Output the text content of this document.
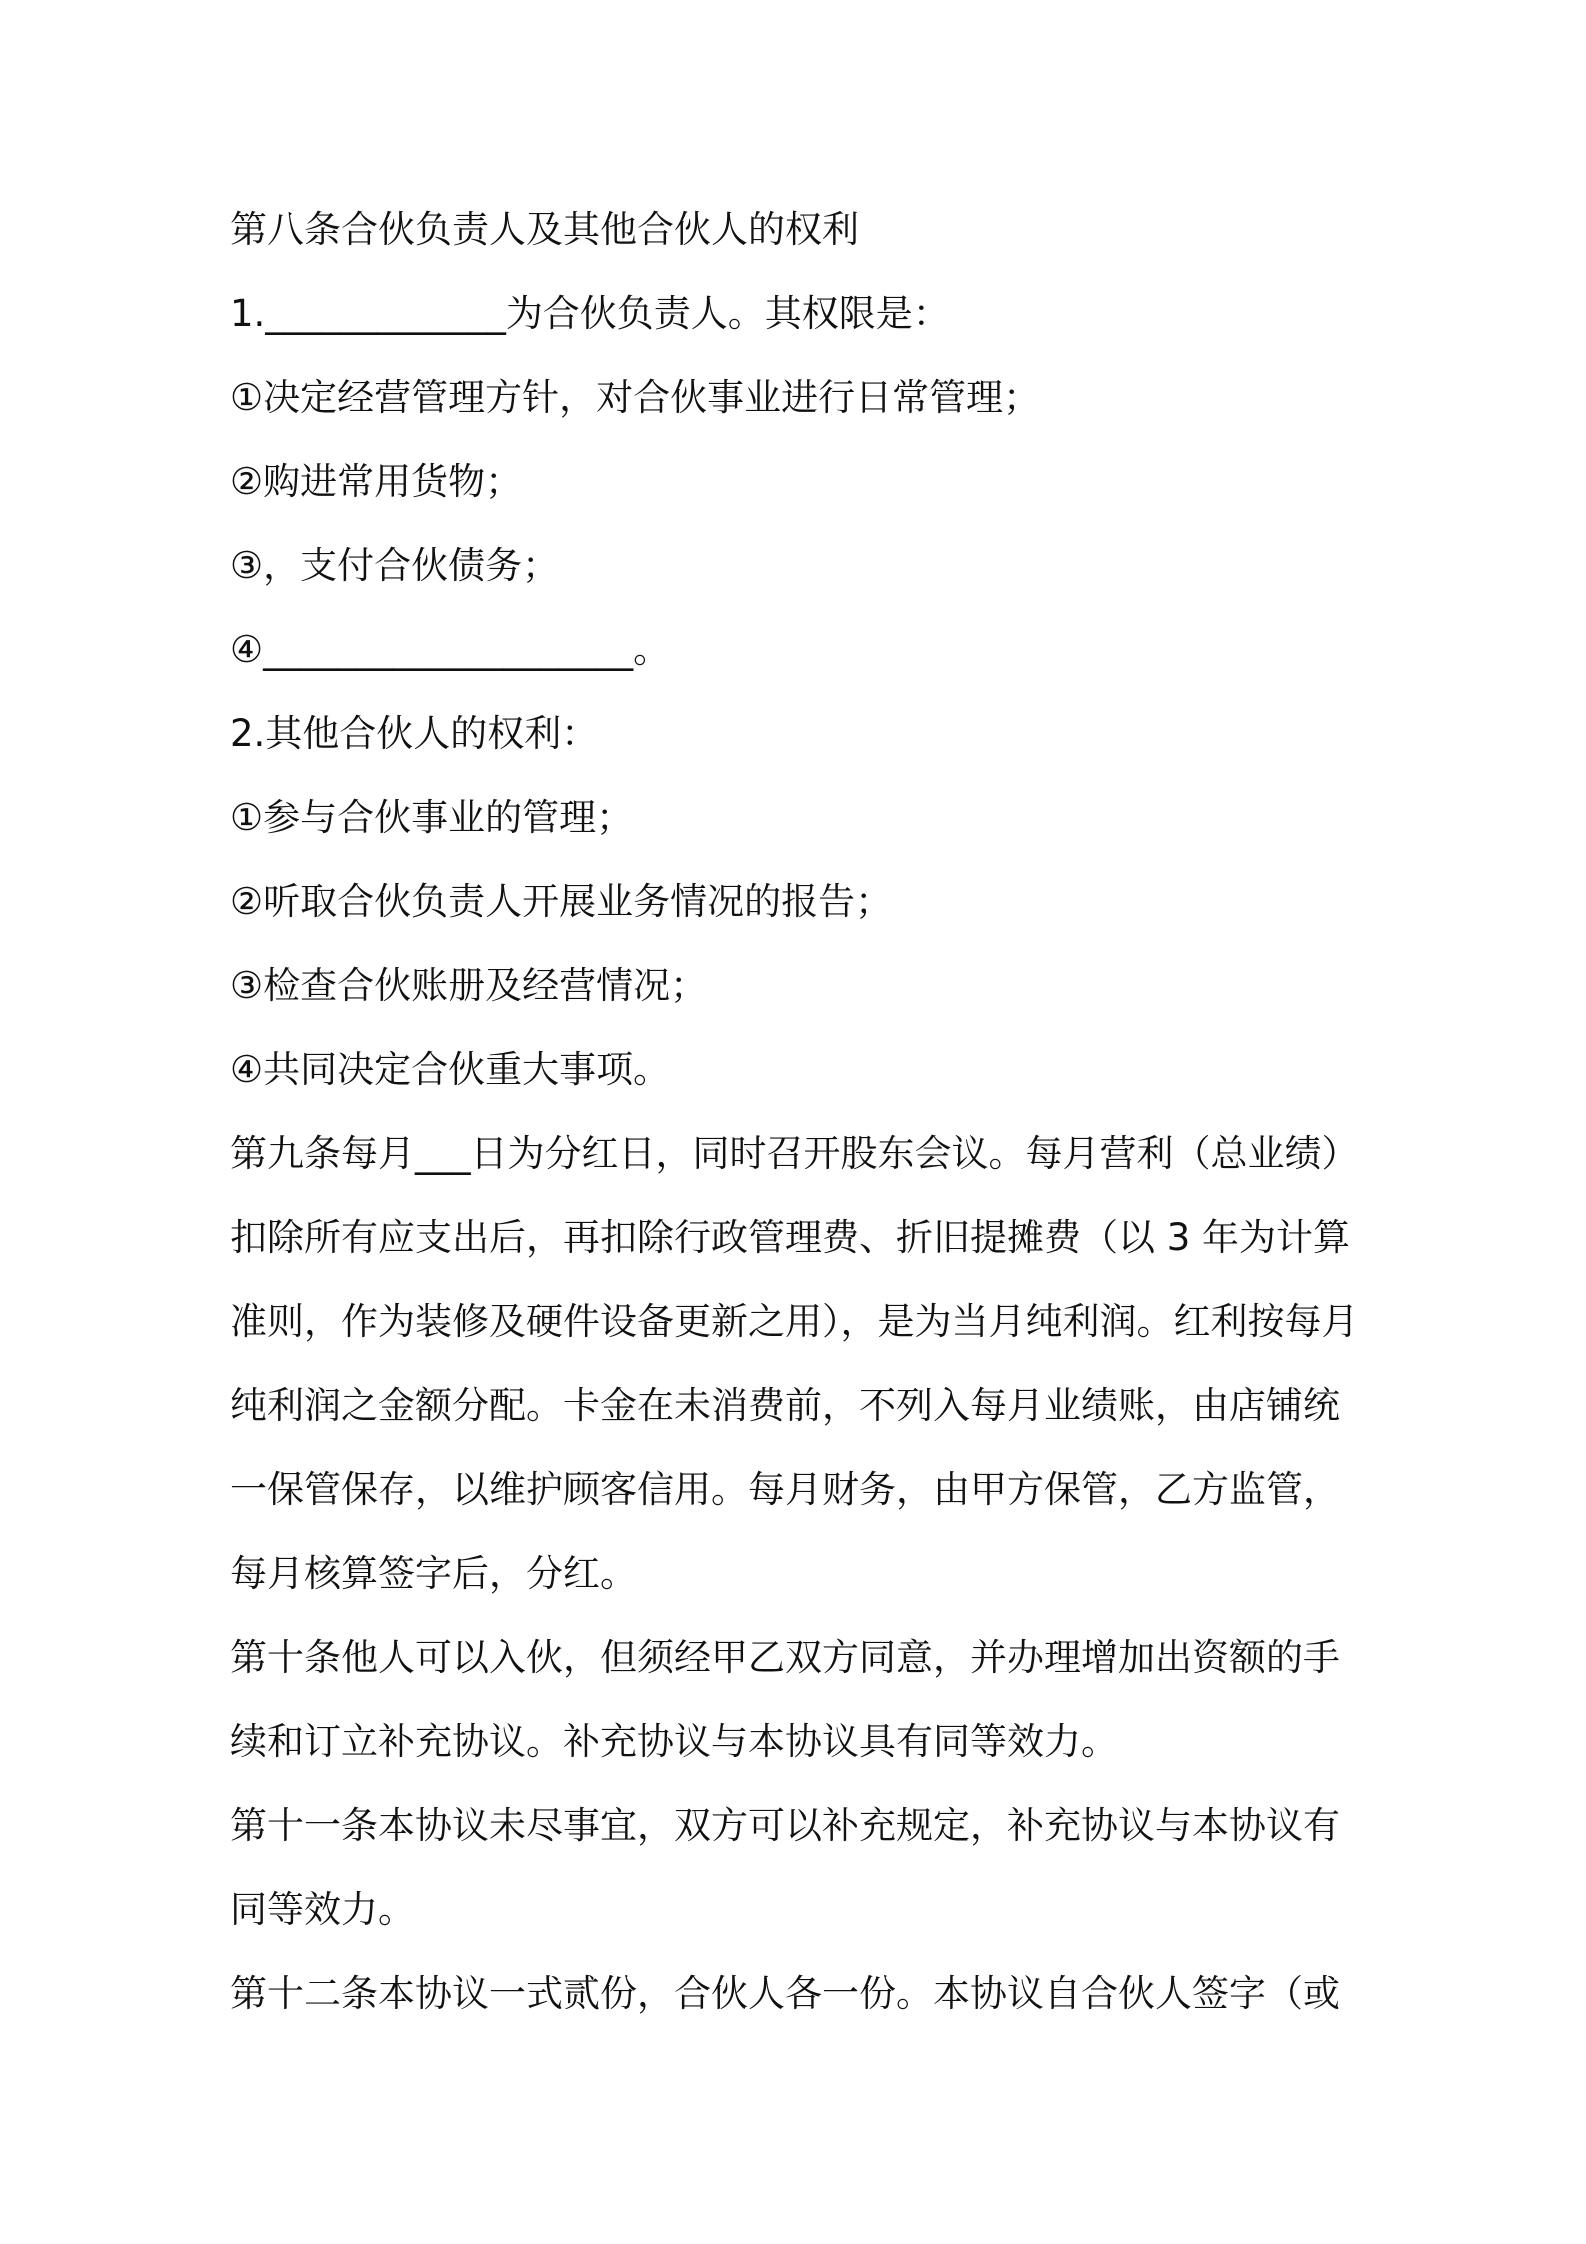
第八条合伙负责人及其他合伙人的权利

1._____________为合伙负责人。其权限是：

①决定经营管理方针，对合伙事业进行日常管理；

②购进常用货物；

③，支付合伙债务；

④____________________。

2.其他合伙人的权利：

①参与合伙事业的管理；

②听取合伙负责人开展业务情况的报告；

③检查合伙账册及经营情况；

④共同决定合伙重大事项。

第九条每月___日为分红日，同时召开股东会议。每月营利（总业绩）

扣除所有应支出后，再扣除行政管理费、折旧提摊费（以 3 年为计算

准则，作为装修及硬件设备更新之用），是为当月纯利润。红利按每月

纯利润之金额分配。卡金在未消费前，不列入每月业绩账，由店铺统

一保管保存，以维护顾客信用。每月财务，由甲方保管，乙方监管，

每月核算签字后，分红。

第十条他人可以入伙，但须经甲乙双方同意，并办理增加出资额的手

续和订立补充协议。补充协议与本协议具有同等效力。

第十一条本协议未尽事宜，双方可以补充规定，补充协议与本协议有

同等效力。

第十二条本协议一式贰份，合伙人各一份。本协议自合伙人签字（或
